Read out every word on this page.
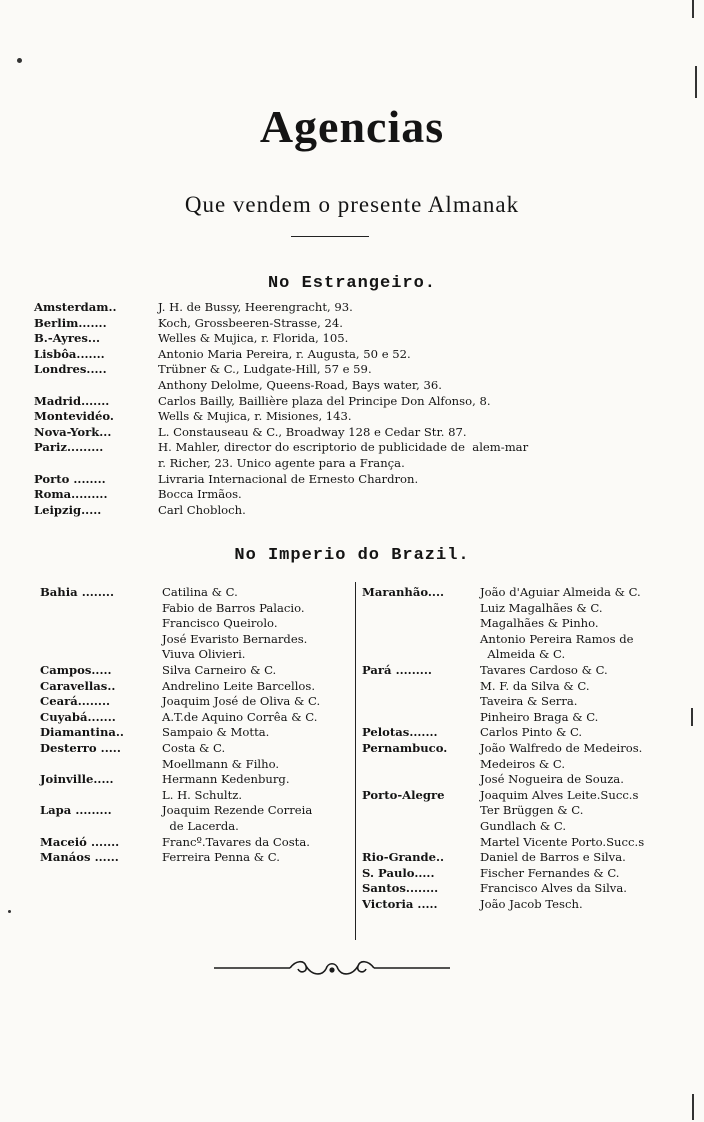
Agencias
Que vendem o presente Almanak
No Estrangeiro.
Amsterdam..	J. H. de Bussy, Heerengracht, 93.
Berlim.......	Koch, Grossbeeren-Strasse, 24.
B.-Ayres...	Welles & Mujica, r. Florida, 105.
Lisbôa.......	Antonio Maria Pereira, r. Augusta, 50 e 52.
Londres.....	Trübner & C., Ludgate-Hill, 57 e 59.
Anthony Delolme, Queens-Road, Bays water, 36.
Madrid.......	Carlos Bailly, Baillière plaza del Principe Don Alfonso, 8.
Montevidéo.	Wells & Mujica, r. Misiones, 143.
Nova-York...	L. Constauseau & C., Broadway 128 e Cedar Str. 87.
Pariz.........	H. Mahler, director do escriptorio de publicidade de  alem-mar
r. Richer, 23. Unico agente para a França.
Porto ........	Livraria Internacional de Ernesto Chardron.
Roma.........	Bocca Irmãos.
Leipzig.....	Carl Chobloch.
No Imperio do Brazil.
Bahia ........	Catilina & C.
Fabio de Barros Palacio.
Francisco Queirolo.
José Evaristo Bernardes.
Viuva Olivieri.
Campos.....	Silva Carneiro & C.
Caravellas..	Andrelino Leite Barcellos.
Ceará........	Joaquim José de Oliva & C.
Cuyabá.......	A.T.de Aquino Corrêa & C.
Diamantina..	Sampaio & Motta.
Desterro .....	Costa & C.
Moellmann & Filho.
Joinville.....	Hermann Kedenburg.
L. H. Schultz.
Lapa .........	Joaquim Rezende Correia
de Lacerda.
Maceió .......	Francº.Tavares da Costa.
Manáos ......	Ferreira Penna & C.
Maranhão....	João d'Aguiar Almeida & C.
Luiz Magalhães & C.
Magalhães & Pinho.
Antonio Pereira Ramos de
Almeida & C.
Pará .........	Tavares Cardoso & C.
M. F. da Silva & C.
Taveira & Serra.
Pinheiro Braga & C.
Pelotas.......	Carlos Pinto & C.
Pernambuco.	João Walfredo de Medeiros.
Medeiros & C.
José Nogueira de Souza.
Porto-Alegre	Joaquim Alves Leite.Succ.s
Ter Brüggen & C.
Gundlach & C.
Martel Vicente Porto.Succ.s
Rio-Grande..	Daniel de Barros e Silva.
S. Paulo.....	Fischer Fernandes & C.
Santos........	Francisco Alves da Silva.
Victoria .....	João Jacob Tesch.
